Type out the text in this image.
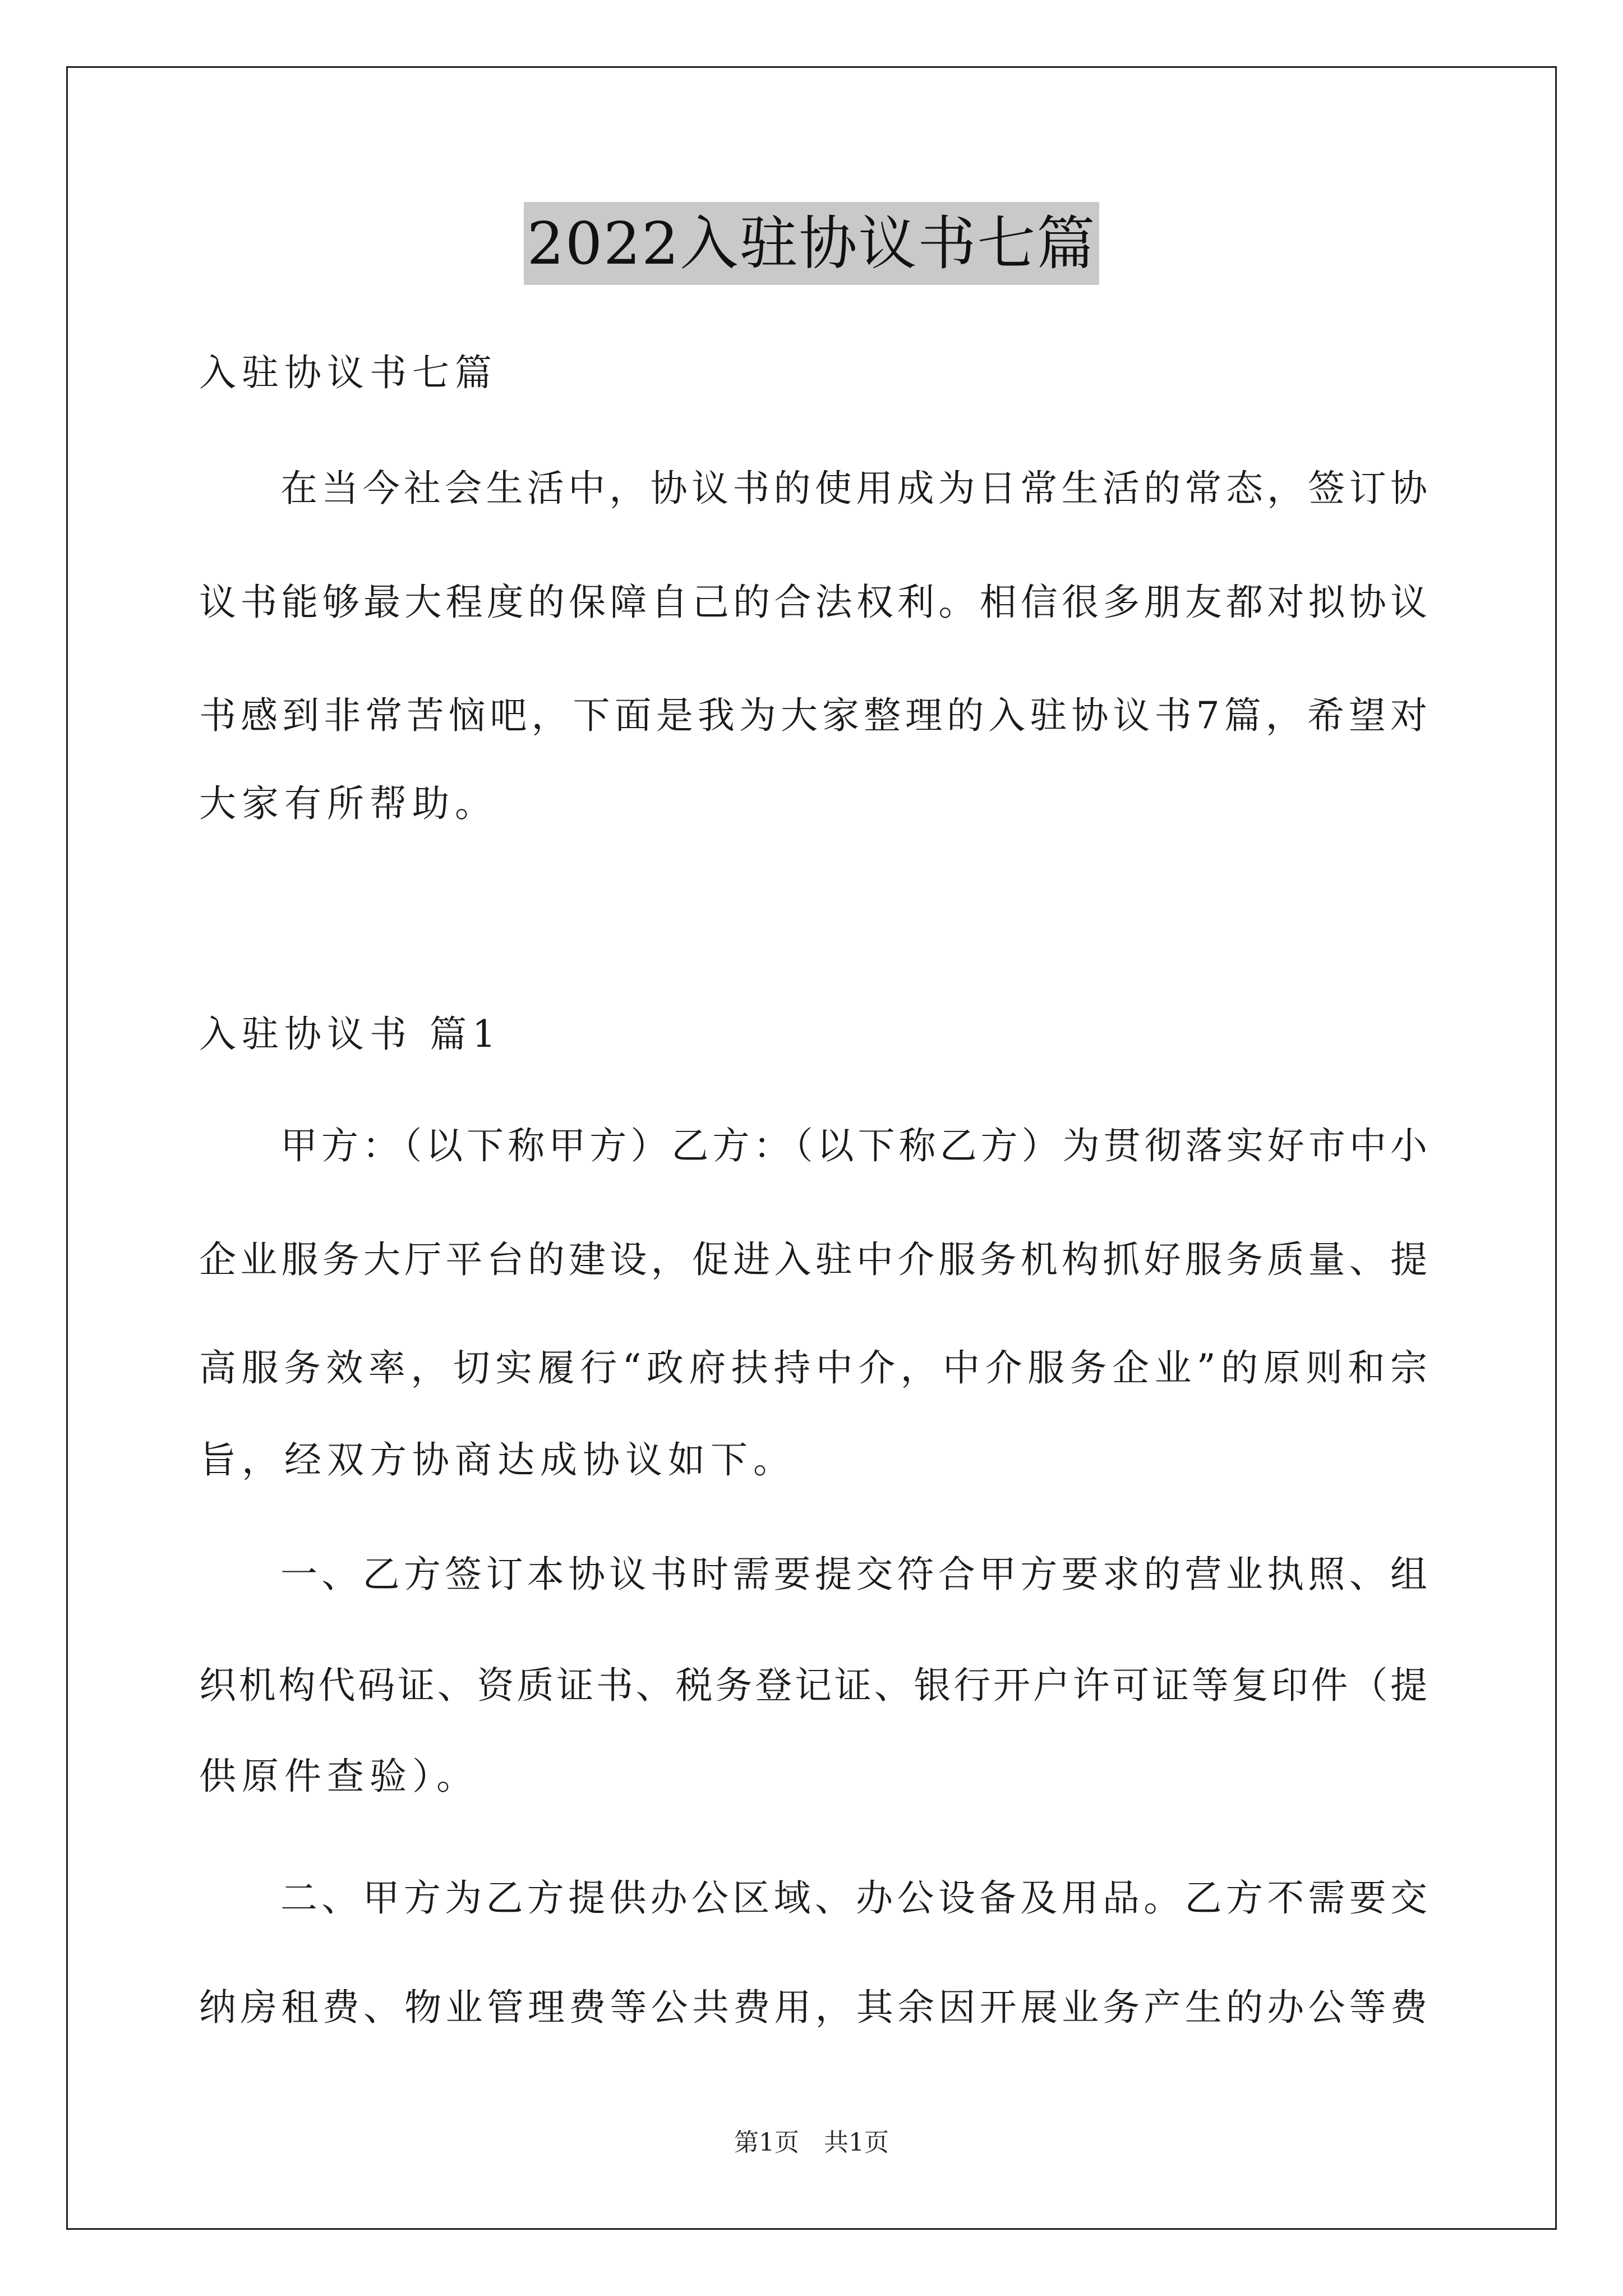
2022入驻协议书七篇
入驻协议书七篇
在当今社会生活中，协议书的使用成为日常生活的常态，签订协
议书能够最大程度的保障自己的合法权利。相信很多朋友都对拟协议
书感到非常苦恼吧，下面是我为大家整理的入驻协议书7篇，希望对
大家有所帮助。
入驻协议书 篇1
甲方：（以下称甲方）乙方：（以下称乙方）为贯彻落实好市中小
企业服务大厅平台的建设，促进入驻中介服务机构抓好服务质量、提
高服务效率，切实履行“政府扶持中介，中介服务企业”的原则和宗
旨，经双方协商达成协议如下。
一、乙方签订本协议书时需要提交符合甲方要求的营业执照、组
织机构代码证、资质证书、税务登记证、银行开户许可证等复印件（提
供原件查验）。
二、甲方为乙方提供办公区域、办公设备及用品。乙方不需要交
纳房租费、物业管理费等公共费用，其余因开展业务产生的办公等费
第1页　共1页
